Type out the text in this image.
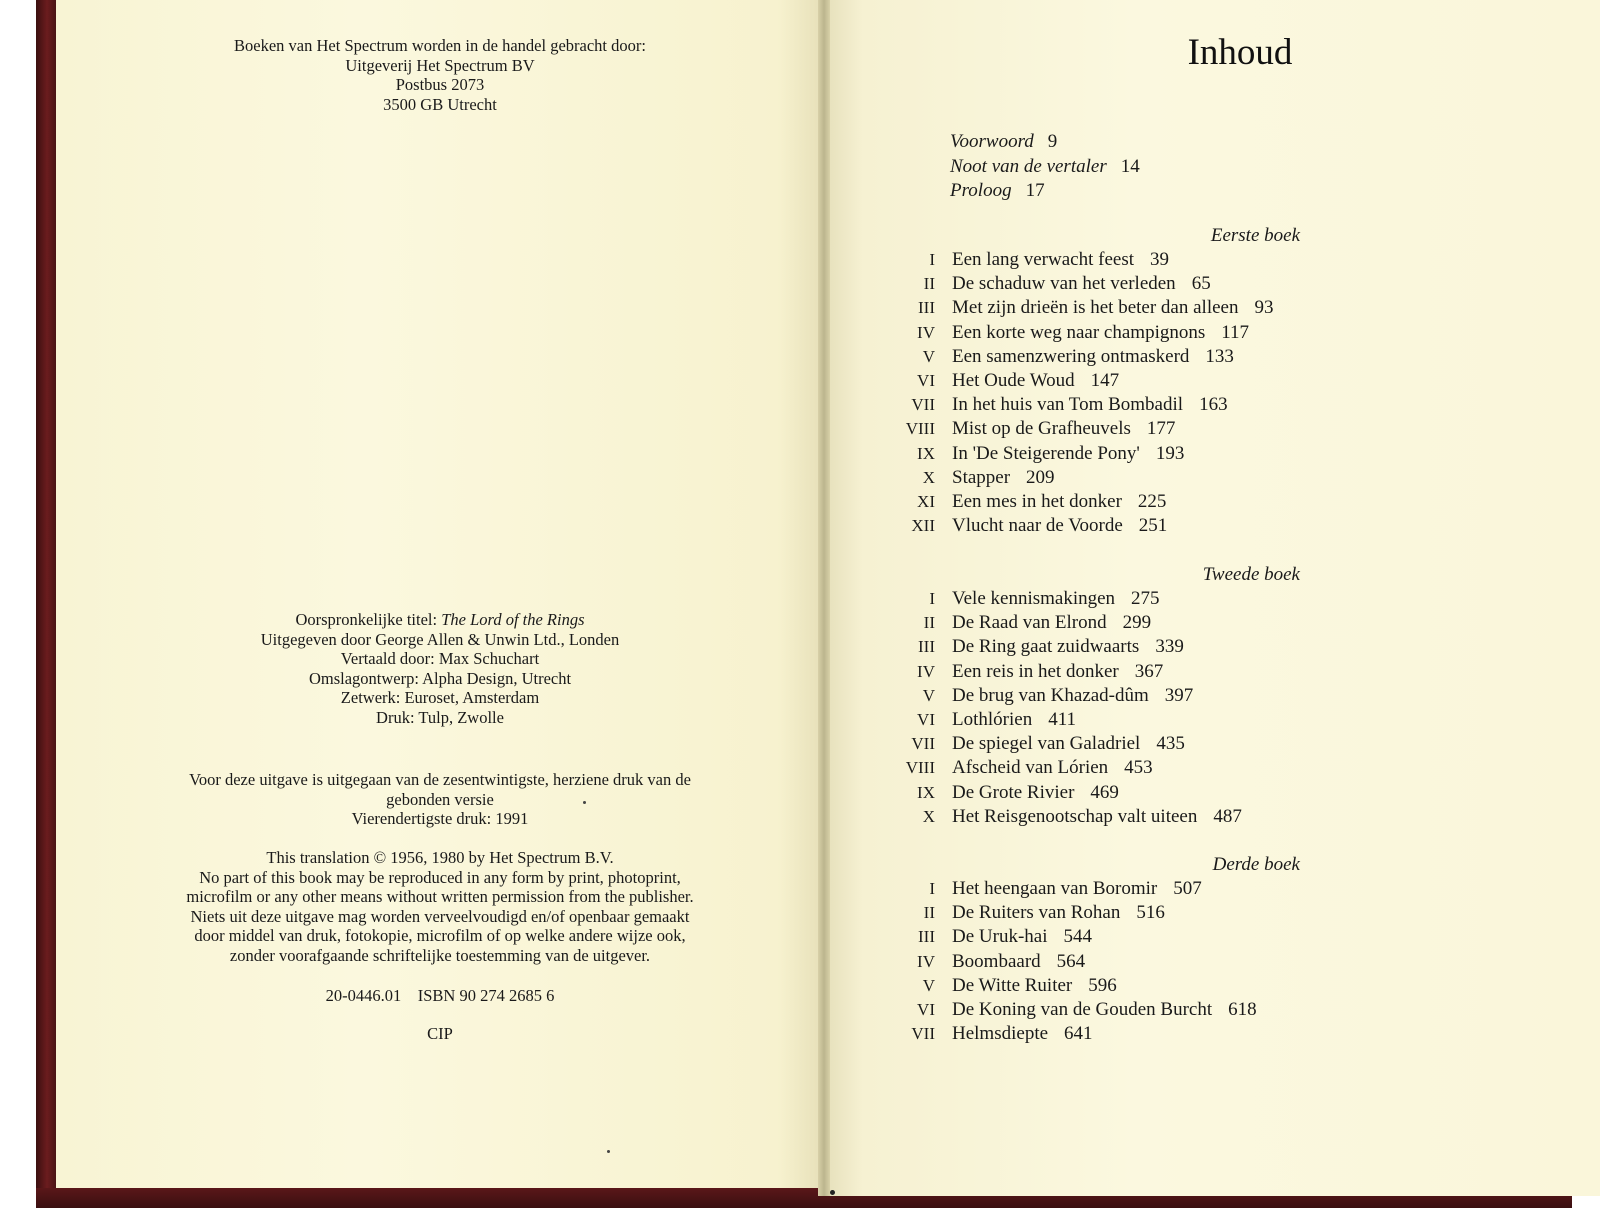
Boeken van Het Spectrum worden in de handel gebracht door:
Uitgeverij Het Spectrum BV
Postbus 2073
3500 GB Utrecht
Oorspronkelijke titel: The Lord of the Rings
Uitgegeven door George Allen & Unwin Ltd., Londen
Vertaald door: Max Schuchart
Omslagontwerp: Alpha Design, Utrecht
Zetwerk: Euroset, Amsterdam
Druk: Tulp, Zwolle
Voor deze uitgave is uitgegaan van de zesentwintigste, herziene druk van de
gebonden versie
Vierendertigste druk: 1991
This translation © 1956, 1980 by Het Spectrum B.V.
No part of this book may be reproduced in any form by print, photoprint,
microfilm or any other means without written permission from the publisher.
Niets uit deze uitgave mag worden verveelvoudigd en/of openbaar gemaakt
door middel van druk, fotokopie, microfilm of op welke andere wijze ook,
zonder voorafgaande schriftelijke toestemming van de uitgever.
20-0446.01    ISBN 90 274 2685 6
CIP
Inhoud
Voorwoord 9
Noot van de vertaler 14
Proloog 17
Eerste boek
I Een lang verwacht feest 39
II De schaduw van het verleden 65
III Met zijn drieën is het beter dan alleen 93
IV Een korte weg naar champignons 117
V Een samenzwering ontmaskerd 133
VI Het Oude Woud 147
VII In het huis van Tom Bombadil 163
VIII Mist op de Grafheuvels 177
IX In 'De Steigerende Pony' 193
X Stapper 209
XI Een mes in het donker 225
XII Vlucht naar de Voorde 251
Tweede boek
I Vele kennismakingen 275
II De Raad van Elrond 299
III De Ring gaat zuidwaarts 339
IV Een reis in het donker 367
V De brug van Khazad-dûm 397
VI Lothlórien 411
VII De spiegel van Galadriel 435
VIII Afscheid van Lórien 453
IX De Grote Rivier 469
X Het Reisgenootschap valt uiteen 487
Derde boek
I Het heengaan van Boromir 507
II De Ruiters van Rohan 516
III De Uruk-hai 544
IV Boombaard 564
V De Witte Ruiter 596
VI De Koning van de Gouden Burcht 618
VII Helmsdiepte 641
